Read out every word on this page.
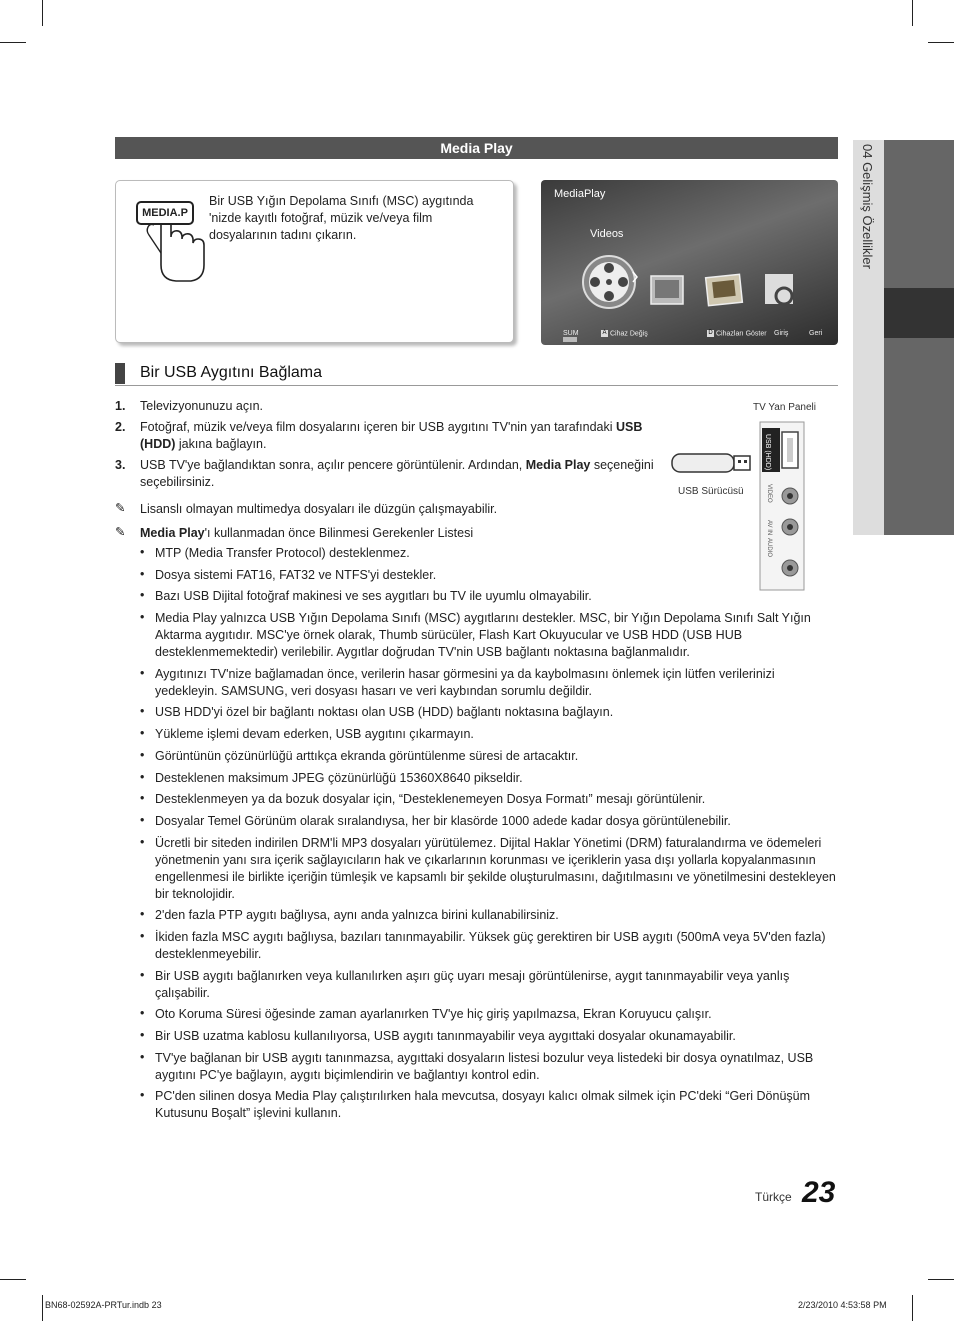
04 Gelişmiş Özellikler
Media Play
MEDIA.P
Bir USB Yığın Depolama Sınıfı (MSC) aygıtında 'nizde kayıtlı fotoğraf, müzik ve/veya film dosyalarının tadını çıkarın.
MediaPlay
Videos
SUM	A Cihaz Değiş	D Cihazları Göster Giriş	Geri
Bir USB Aygıtını Bağlama
1. Televizyonunuzu açın.
2. Fotoğraf, müzik ve/veya film dosyalarını içeren bir USB aygıtını TV'nin yan tarafındaki USB (HDD) jakına bağlayın.
3. USB TV'ye bağlandıktan sonra, açılır pencere görüntülenir. Ardından, Media Play seçeneğini seçebilirsiniz.
TV Yan Paneli
USB Sürücüsü
USB (HDD)
VIDEO
AV IN
AUDIO
✎ Lisanslı olmayan multimedya dosyaları ile düzgün çalışmayabilir.
✎ Media Play'ı kullanmadan önce Bilinmesi Gerekenler Listesi
• MTP (Media Transfer Protocol) desteklenmez.
• Dosya sistemi FAT16, FAT32 ve NTFS'yi destekler.
• Bazı USB Dijital fotoğraf makinesi ve ses aygıtları bu TV ile uyumlu olmayabilir.
• Media Play yalnızca USB Yığın Depolama Sınıfı (MSC) aygıtlarını destekler. MSC, bir Yığın Depolama Sınıfı Salt Yığın Aktarma aygıtıdır. MSC'ye örnek olarak, Thumb sürücüler, Flash Kart Okuyucular ve USB HDD (USB HUB desteklenmemektedir) verilebilir. Aygıtlar doğrudan TV'nin USB bağlantı noktasına bağlanmalıdır.
• Aygıtınızı TV'nize bağlamadan önce, verilerin hasar görmesini ya da kaybolmasını önlemek için lütfen verilerinizi yedekleyin. SAMSUNG, veri dosyası hasarı ve veri kaybından sorumlu değildir.
• USB HDD'yi özel bir bağlantı noktası olan USB (HDD) bağlantı noktasına bağlayın.
• Yükleme işlemi devam ederken, USB aygıtını çıkarmayın.
• Görüntünün çözünürlüğü arttıkça ekranda görüntülenme süresi de artacaktır.
• Desteklenen maksimum JPEG çözünürlüğü 15360X8640 pikseldir.
• Desteklenmeyen ya da bozuk dosyalar için, “Desteklenemeyen Dosya Formatı” mesajı görüntülenir.
• Dosyalar Temel Görünüm olarak sıralandıysa, her bir klasörde 1000 adede kadar dosya görüntülenebilir.
• Ücretli bir siteden indirilen DRM'li MP3 dosyaları yürütülemez. Dijital Haklar Yönetimi (DRM) faturalandırma ve ödemeleri yönetmenin yanı sıra içerik sağlayıcıların hak ve çıkarlarının korunması ve içeriklerin yasa dışı yollarla kopyalanmasının engellenmesi ile birlikte içeriğin tümleşik ve kapsamlı bir şekilde oluşturulmasını, dağıtılmasını ve yönetilmesini destekleyen bir teknolojidir.
• 2'den fazla PTP aygıtı bağlıysa, aynı anda yalnızca birini kullanabilirsiniz.
• İkiden fazla MSC aygıtı bağlıysa, bazıları tanınmayabilir. Yüksek güç gerektiren bir USB aygıtı (500mA veya 5V'den fazla) desteklenmeyebilir.
• Bir USB aygıtı bağlanırken veya kullanılırken aşırı güç uyarı mesajı görüntülenirse, aygıt tanınmayabilir veya yanlış çalışabilir.
• Oto Koruma Süresi öğesinde zaman ayarlanırken TV'ye hiç giriş yapılmazsa, Ekran Koruyucu çalışır.
• Bir USB uzatma kablosu kullanılıyorsa, USB aygıtı tanınmayabilir veya aygıttaki dosyalar okunamayabilir.
• TV'ye bağlanan bir USB aygıtı tanınmazsa, aygıttaki dosyaların listesi bozulur veya listedeki bir dosya oynatılmaz, USB aygıtını PC'ye bağlayın, aygıtı biçimlendirin ve bağlantıyı kontrol edin.
• PC'den silinen dosya Media Play çalıştırılırken hala mevcutsa, dosyayı kalıcı olmak silmek için PC'deki “Geri Dönüşüm Kutusunu Boşalt” işlevini kullanın.
Türkçe 23
BN68-02592A-PRTur.indb 23	2/23/2010 4:53:58 PM
